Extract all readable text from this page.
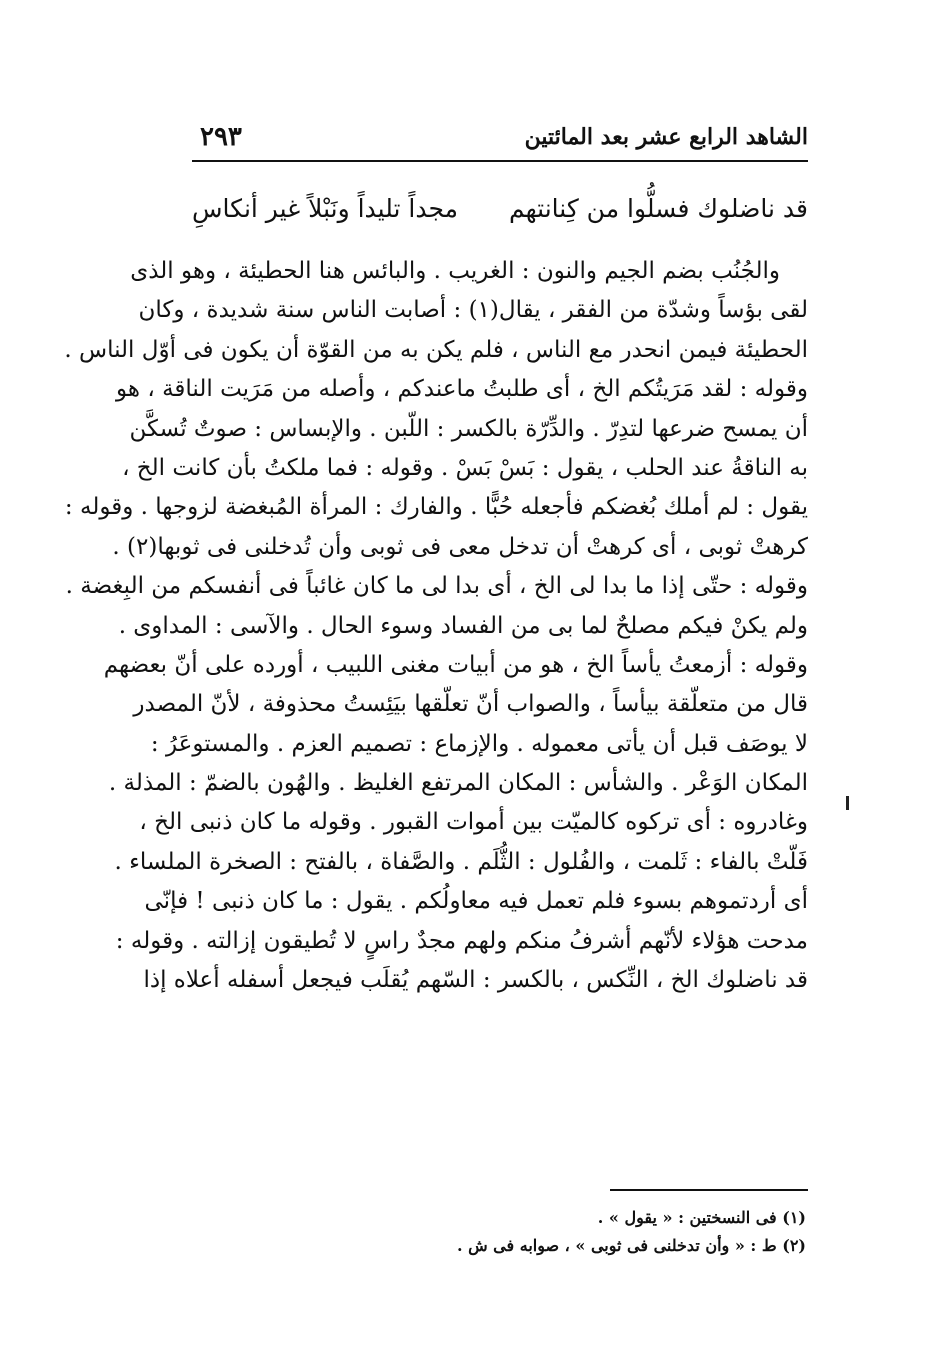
الشاهد الرابع عشر بعد المائتين
٢٩٣
قد ناضلوك فسلُّوا من كِنانتهم
مجداً تليداً ونَبْلاً غير أنكاسِ
والجُنُب بضم الجيم والنون : الغريب . والبائس هنا الحطيئة ، وهو الذى
لقى بؤساً وشدّة من الفقر ، يقال(١) : أصابت الناس سنة شديدة ، وكان
الحطيئة فيمن انحدر مع الناس ، فلم يكن به من القوّة أن يكون فى أوّل الناس .
وقوله : لقد مَرَيتُكم الخ ، أى طلبتُ ماعندكم ، وأصله من مَرَيت الناقة ، هو
أن يمسح ضرعها لتدِرّ . والدِّرّة بالكسر : اللّبن . والإبساس : صوتٌ تُسكَّن
به الناقةُ عند الحلب ، يقول : بَسْ بَسْ . وقوله : فما ملكتُ بأن كانت الخ ،
يقول : لم أملك بُغضكم فأجعله حُبًّا . والفارك : المرأة المُبغضة لزوجها . وقوله :
كرهتْ ثوبى ، أى كرهتْ أن تدخل معى فى ثوبى وأن تُدخلنى فى ثوبها(٢) .
وقوله : حتّى إذا ما بدا لى الخ ، أى بدا لى ما كان غائباً فى أنفسكم من البِغضة .
ولم يكنْ فيكم مصلحٌ لما بى من الفساد وسوء الحال . والآسى : المداوى .
وقوله : أزمعتُ يأساً الخ ، هو من أبيات مغنى اللبيب ، أورده على أنّ بعضهم
قال من متعلّقة بيأساً ، والصواب أنّ تعلّقها بيَئِستُ محذوفة ، لأنّ المصدر
لا يوصَف قبل أن يأتى معموله . والإزماع : تصميم العزم . والمستوعَرُ :
المكان الوَعْر . والشأس : المكان المرتفع الغليظ . والهُون بالضمّ : المذلة .
وغادروه : أى تركوه كالميّت بين أموات القبور . وقوله ما كان ذنبى الخ ،
فَلّتْ بالفاء : ثَلمت ، والفُلول : الثُّلَم . والصَّفاة ، بالفتح : الصخرة الملساء .
أى أردتموهم بسوء فلم تعمل فيه معاولُكم . يقول : ما كان ذنبى ! فإنّى
مدحت هؤلاء لأنّهم أشرفُ منكم ولهم مجدٌ راسٍ لا تُطيقون إزالته . وقوله :
قد ناضلوك الخ ، النِّكس ، بالكسر : السّهم يُقلَب فيجعل أسفله أعلاه إذا
(١) فى النسختين : « يقول » .
(٢) ط : « وأن تدخلنى فى ثوبى » ، صوابه فى ش .
